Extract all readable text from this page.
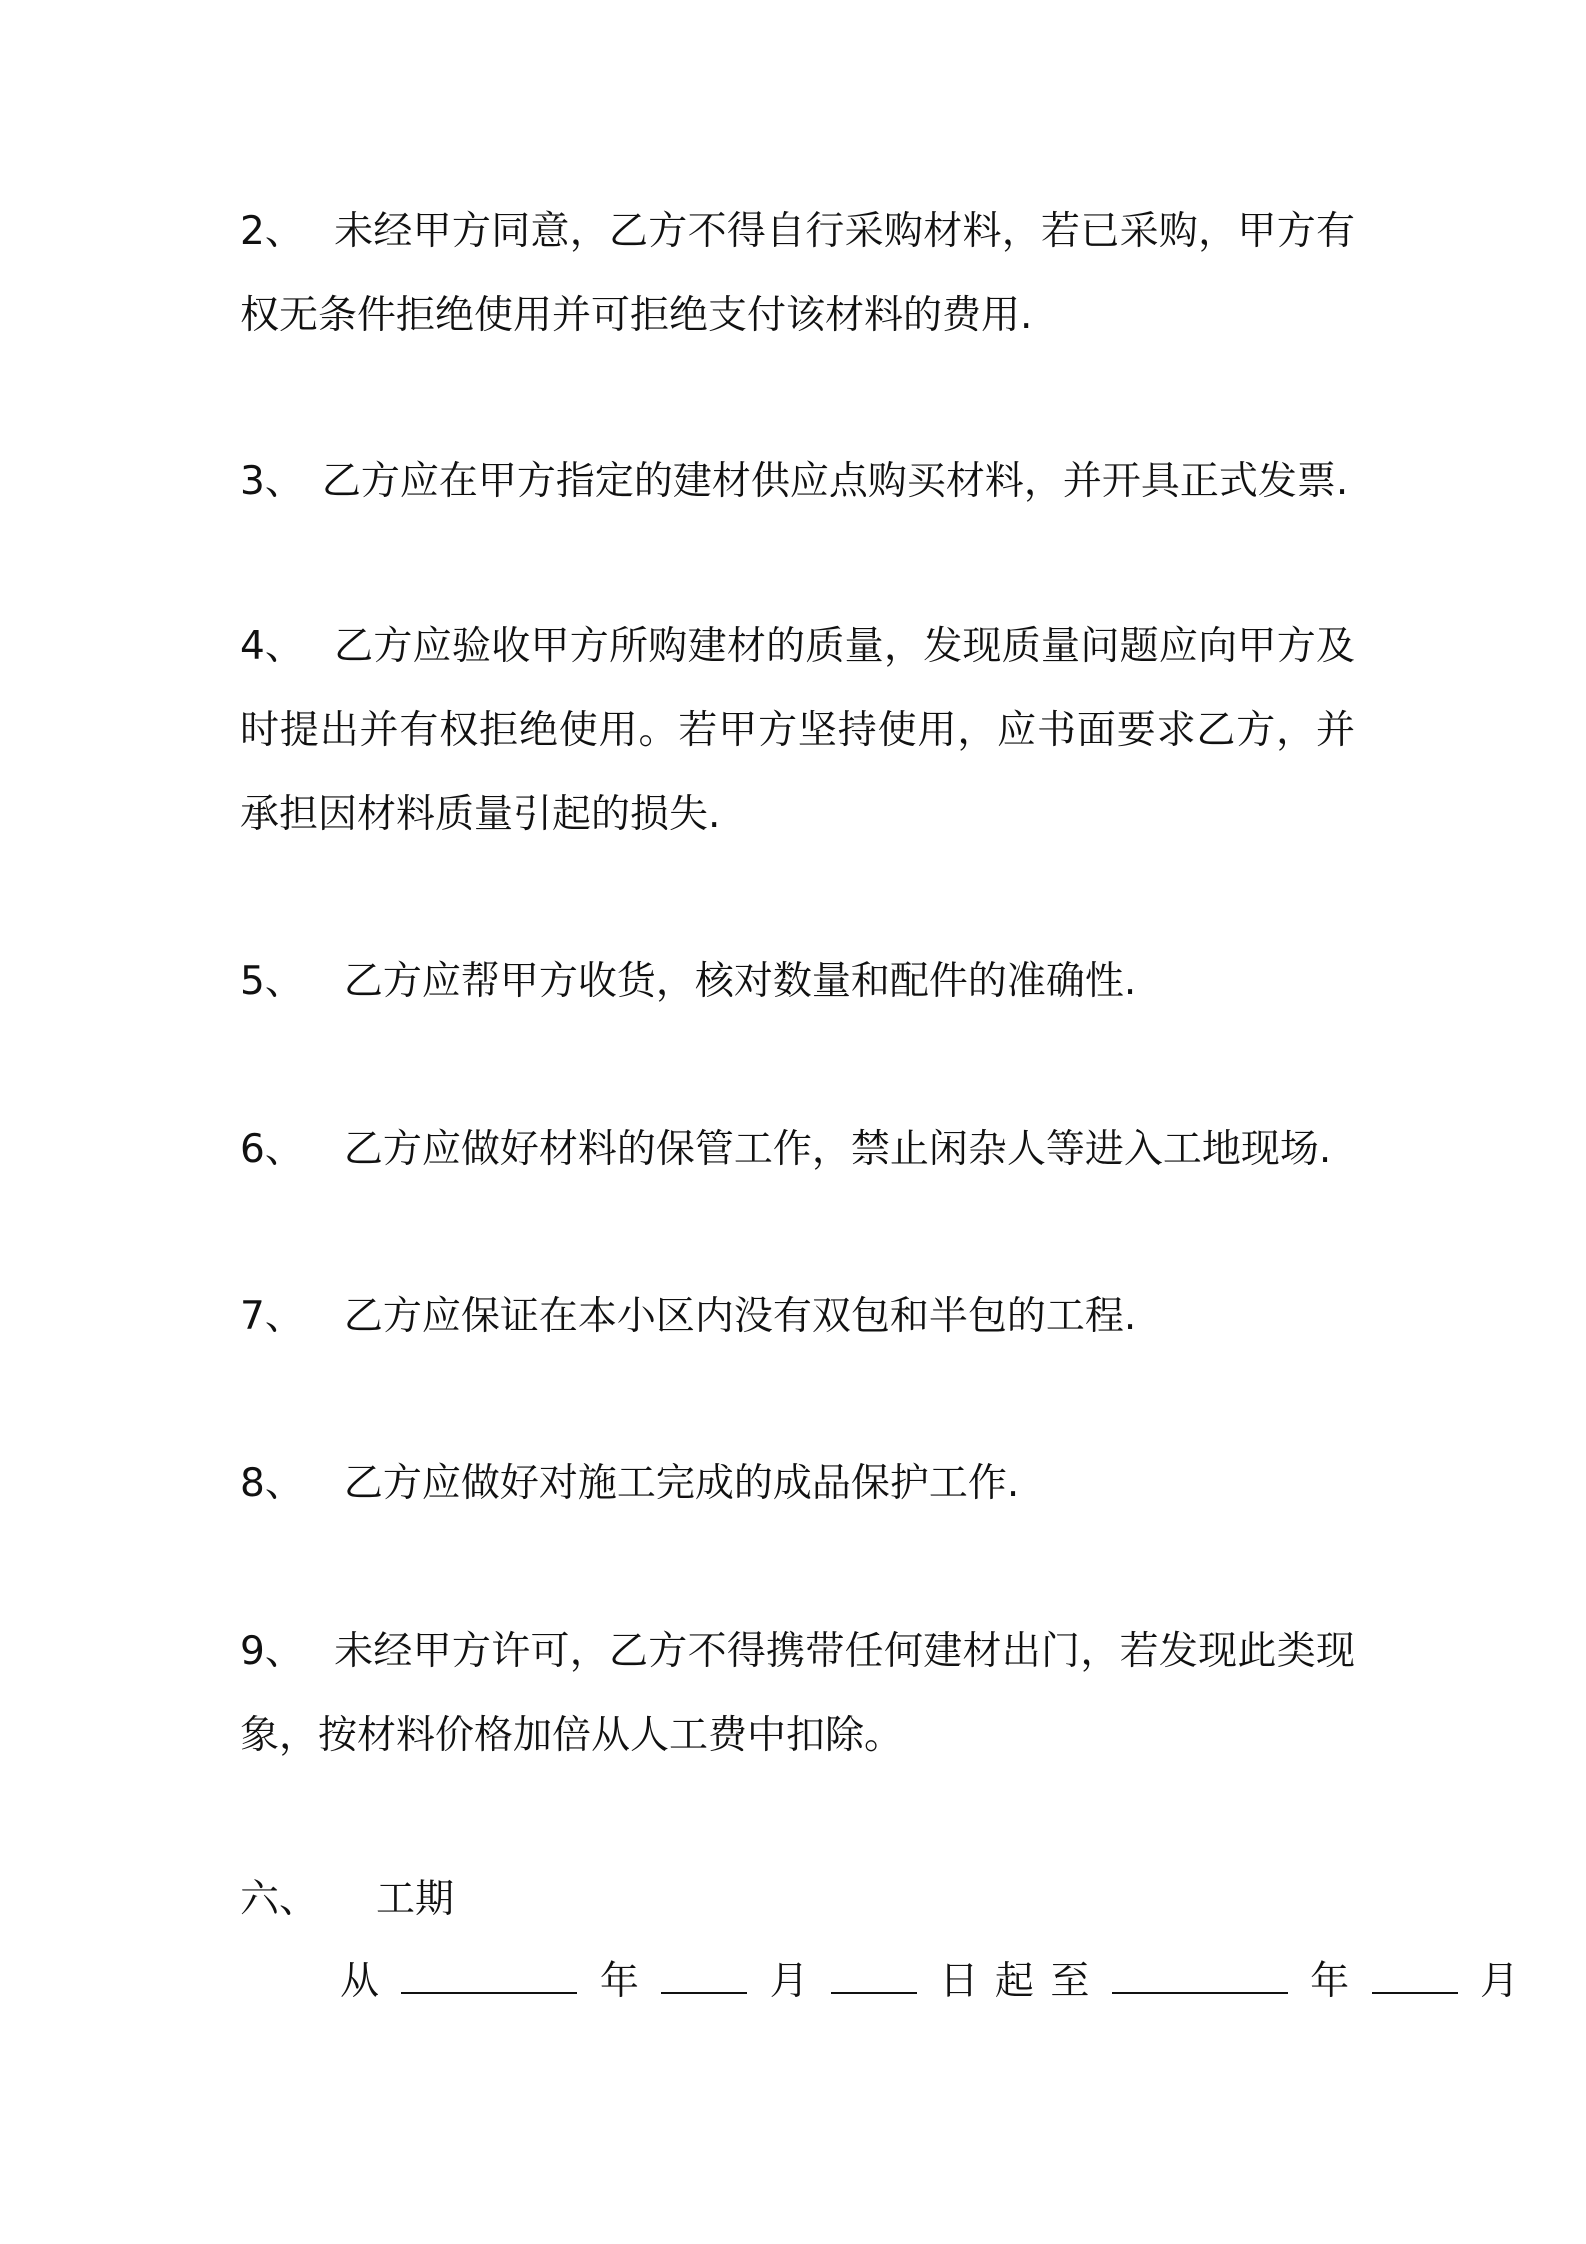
2、 未经甲方同意，乙方不得自行采购材料，若已采购，甲方有权无条件拒绝使用并可拒绝支付该材料的费用.

3、 乙方应在甲方指定的建材供应点购买材料，并开具正式发票.

4、 乙方应验收甲方所购建材的质量，发现质量问题应向甲方及时提出并有权拒绝使用。若甲方坚持使用，应书面要求乙方，并承担因材料质量引起的损失.

5、 乙方应帮甲方收货，核对数量和配件的准确性.

6、 乙方应做好材料的保管工作，禁止闲杂人等进入工地现场.

7、 乙方应保证在本小区内没有双包和半包的工程.

8、 乙方应做好对施工完成的成品保护工作.

9、 未经甲方许可，乙方不得携带任何建材出门，若发现此类现象，按材料价格加倍从人工费中扣除。

六、 工期

从	年	月	日 起 至	年	月
